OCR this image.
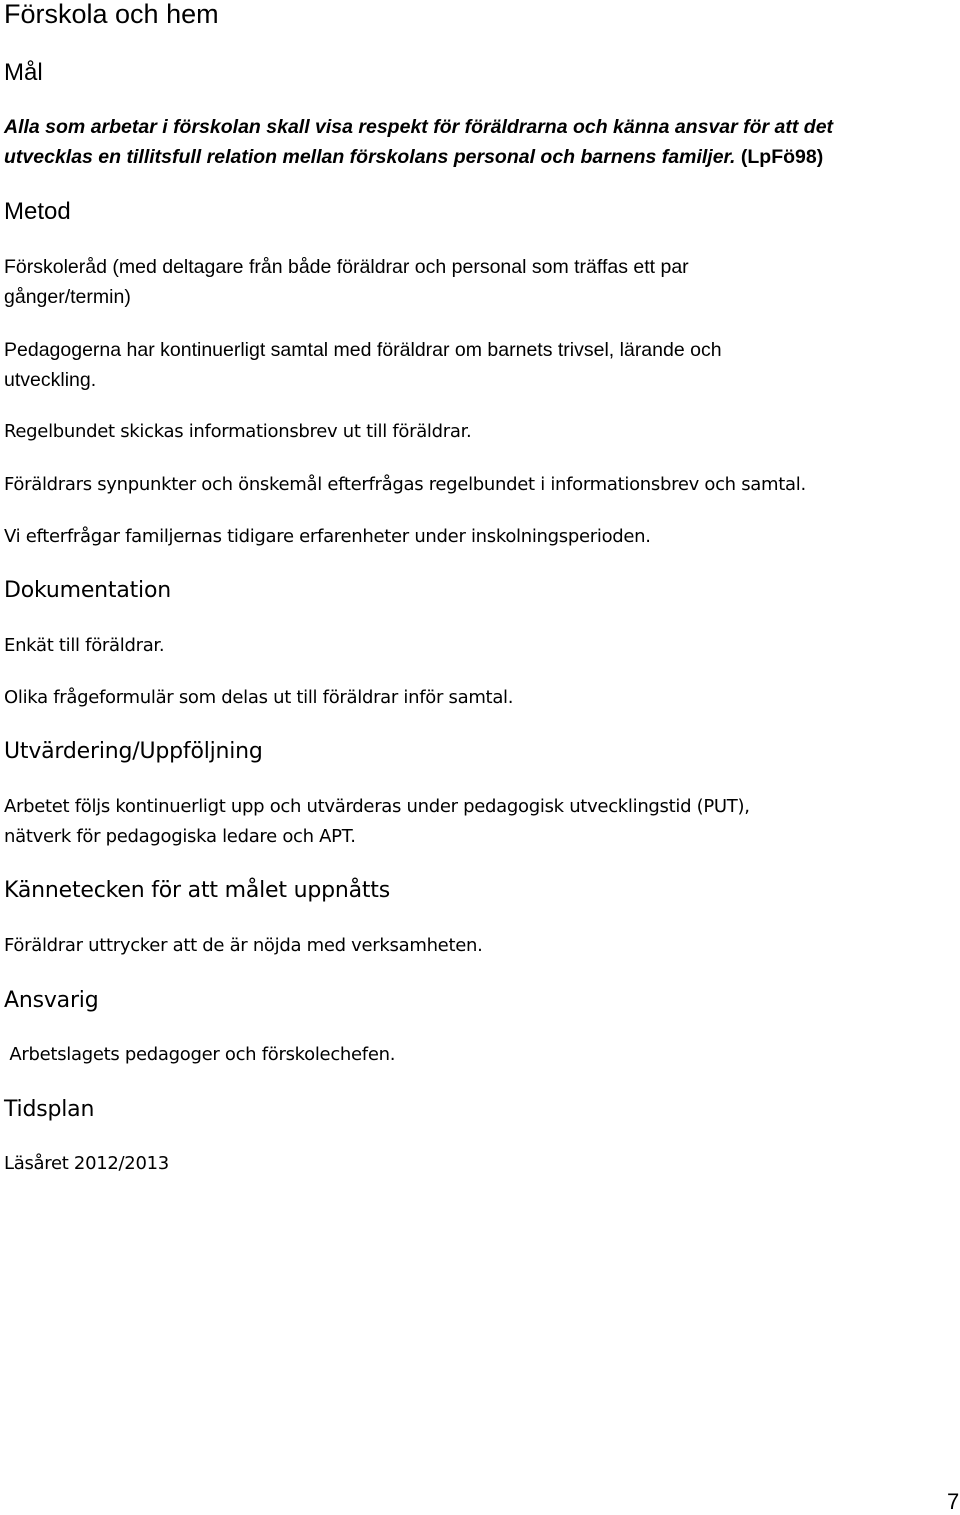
Förskola och hem
Mål
Alla som arbetar i förskolan skall visa respekt för föräldrarna och känna ansvar för att det
utvecklas en tillitsfull relation mellan förskolans personal och barnens familjer. (LpFö98)
Metod

Förskoleråd (med deltagare från både föräldrar och personal som träffas ett par

gånger/termin)

Pedagogerna har kontinuerligt samtal med föräldrar om barnets trivsel, lärande och

utveckling.

Regelbundet skickas informationsbrev ut till föräldrar.

Föräldrars synpunkter och önskemål efterfrågas regelbundet i informationsbrev och samtal.

Vi efterfrågar familjernas tidigare erfarenheter under inskolningsperioden.

Dokumentation

Enkät till föräldrar.

Olika frågeformulär som delas ut till föräldrar inför samtal.

Utvärdering/Uppföljning

Arbetet följs kontinuerligt upp och utvärderas under pedagogisk utvecklingstid (PUT),

nätverk för pedagogiska ledare och APT.

Kännetecken för att målet uppnåtts

Föräldrar uttrycker att de är nöjda med verksamheten.

Ansvarig

Arbetslagets pedagoger och förskolechefen.

Tidsplan

Läsåret 2012/2013

7
